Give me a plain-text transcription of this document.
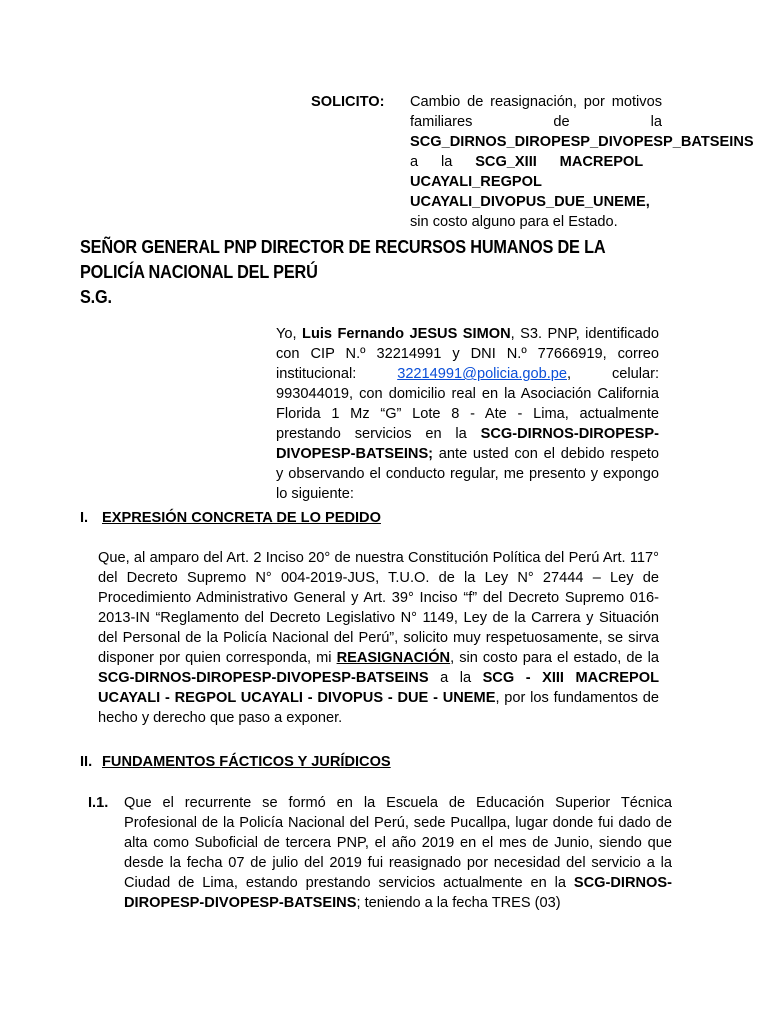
SOLICITO: Cambio de reasignación, por motivos familiares de la SCG_DIRNOS_DIROPESP_DIVOPESP_BATSEINS a la SCG_XIII MACREPOL UCAYALI_REGPOL UCAYALI_DIVOPUS_DUE_UNEME, sin costo alguno para el Estado.
SEÑOR GENERAL PNP DIRECTOR DE RECURSOS HUMANOS DE LA POLICÍA NACIONAL DEL PERÚ
S.G.
Yo, Luis Fernando JESUS SIMON, S3. PNP, identificado con CIP N.º 32214991 y DNI N.º 77666919, correo institucional: 32214991@policia.gob.pe, celular: 993044019, con domicilio real en la Asociación California Florida 1 Mz “G” Lote 8 - Ate - Lima, actualmente prestando servicios en la SCG-DIRNOS-DIROPESP-DIVOPESP-BATSEINS; ante usted con el debido respeto y observando el conducto regular, me presento y expongo lo siguiente:
I. EXPRESIÓN CONCRETA DE LO PEDIDO
Que, al amparo del Art. 2 Inciso 20° de nuestra Constitución Política del Perú Art. 117° del Decreto Supremo N° 004-2019-JUS, T.U.O. de la Ley N° 27444 – Ley de Procedimiento Administrativo General y Art. 39° Inciso “f” del Decreto Supremo 016-2013-IN “Reglamento del Decreto Legislativo N° 1149, Ley de la Carrera y Situación del Personal de la Policía Nacional del Perú”, solicito muy respetuosamente, se sirva disponer por quien corresponda, mi REASIGNACIÓN, sin costo para el estado, de la SCG-DIRNOS-DIROPESP-DIVOPESP-BATSEINS a la SCG - XIII MACREPOL UCAYALI - REGPOL UCAYALI - DIVOPUS - DUE - UNEME, por los fundamentos de hecho y derecho que paso a exponer.
II. FUNDAMENTOS FÁCTICOS Y JURÍDICOS
I.1. Que el recurrente se formó en la Escuela de Educación Superior Técnica Profesional de la Policía Nacional del Perú, sede Pucallpa, lugar donde fui dado de alta como Suboficial de tercera PNP, el año 2019 en el mes de Junio, siendo que desde la fecha 07 de julio del 2019 fui reasignado por necesidad del servicio a la Ciudad de Lima, estando prestando servicios actualmente en la SCG-DIRNOS-DIROPESP-DIVOPESP-BATSEINS; teniendo a la fecha TRES (03)
